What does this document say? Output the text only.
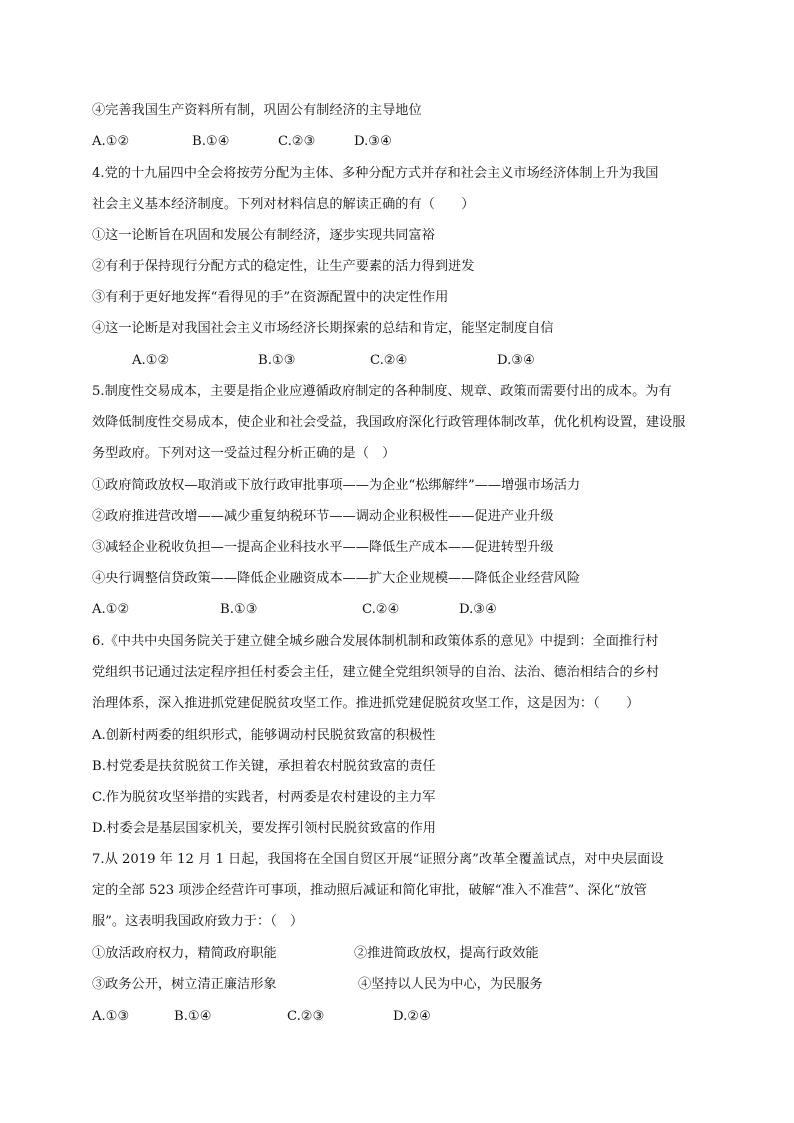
④完善我国生产资料所有制，巩固公有制经济的主导地位
A.①②	B.①④	C.②③	D.③④
4.党的十九届四中全会将按劳分配为主体、多种分配方式并存和社会主义市场经济体制上升为我国
社会主义基本经济制度。下列对材料信息的解读正确的有（　　）
①这一论断旨在巩固和发展公有制经济，逐步实现共同富裕
②有利于保持现行分配方式的稳定性，让生产要素的活力得到迸发
③有利于更好地发挥“看得见的手”在资源配置中的决定性作用
④这一论断是对我国社会主义市场经济长期探索的总结和肯定，能坚定制度自信
A.①②	B.①③	C.②④	D.③④
5.制度性交易成本，主要是指企业应遵循政府制定的各种制度、规章、政策而需要付出的成本。为有
效降低制度性交易成本，使企业和社会受益，我国政府深化行政管理体制改革，优化机构设置，建设服
务型政府。下列对这一受益过程分析正确的是（　）
①政府简政放权—取消或下放行政审批事项——为企业“松绑解绊”——增强市场活力
②政府推进营改增——减少重复纳税环节——调动企业积极性——促进产业升级
③减轻企业税收负担—一提高企业科技水平——降低生产成本——促进转型升级
④央行调整信贷政策——降低企业融资成本——扩大企业规模——降低企业经营风险
A.①②	B.①③	C.②④	D.③④
6.《中共中央国务院关于建立健全城乡融合发展体制机制和政策体系的意见》中提到：全面推行村
党组织书记通过法定程序担任村委会主任，建立健全党组织领导的自治、法治、德治相结合的乡村
治理体系，深入推进抓党建促脱贫攻坚工作。推进抓党建促脱贫攻坚工作，这是因为：（　　）
A.创新村两委的组织形式，能够调动村民脱贫致富的积极性
B.村党委是扶贫脱贫工作关键，承担着农村脱贫致富的责任
C.作为脱贫攻坚举措的实践者，村两委是农村建设的主力军
D.村委会是基层国家机关，要发挥引领村民脱贫致富的作用
7.从 2019 年 12 月 1 日起，我国将在全国自贸区开展“证照分离”改革全覆盖试点，对中央层面设
定的全部 523 项涉企经营许可事项，推动照后减证和简化审批，破解“准入不准营”、深化“放管
服”。这表明我国政府致力于：（　）
①放活政府权力，精简政府职能	②推进简政放权，提高行政效能
③政务公开，树立清正廉洁形象	④坚持以人民为中心，为民服务
A.①③	B.①④	C.②③	D.②④
